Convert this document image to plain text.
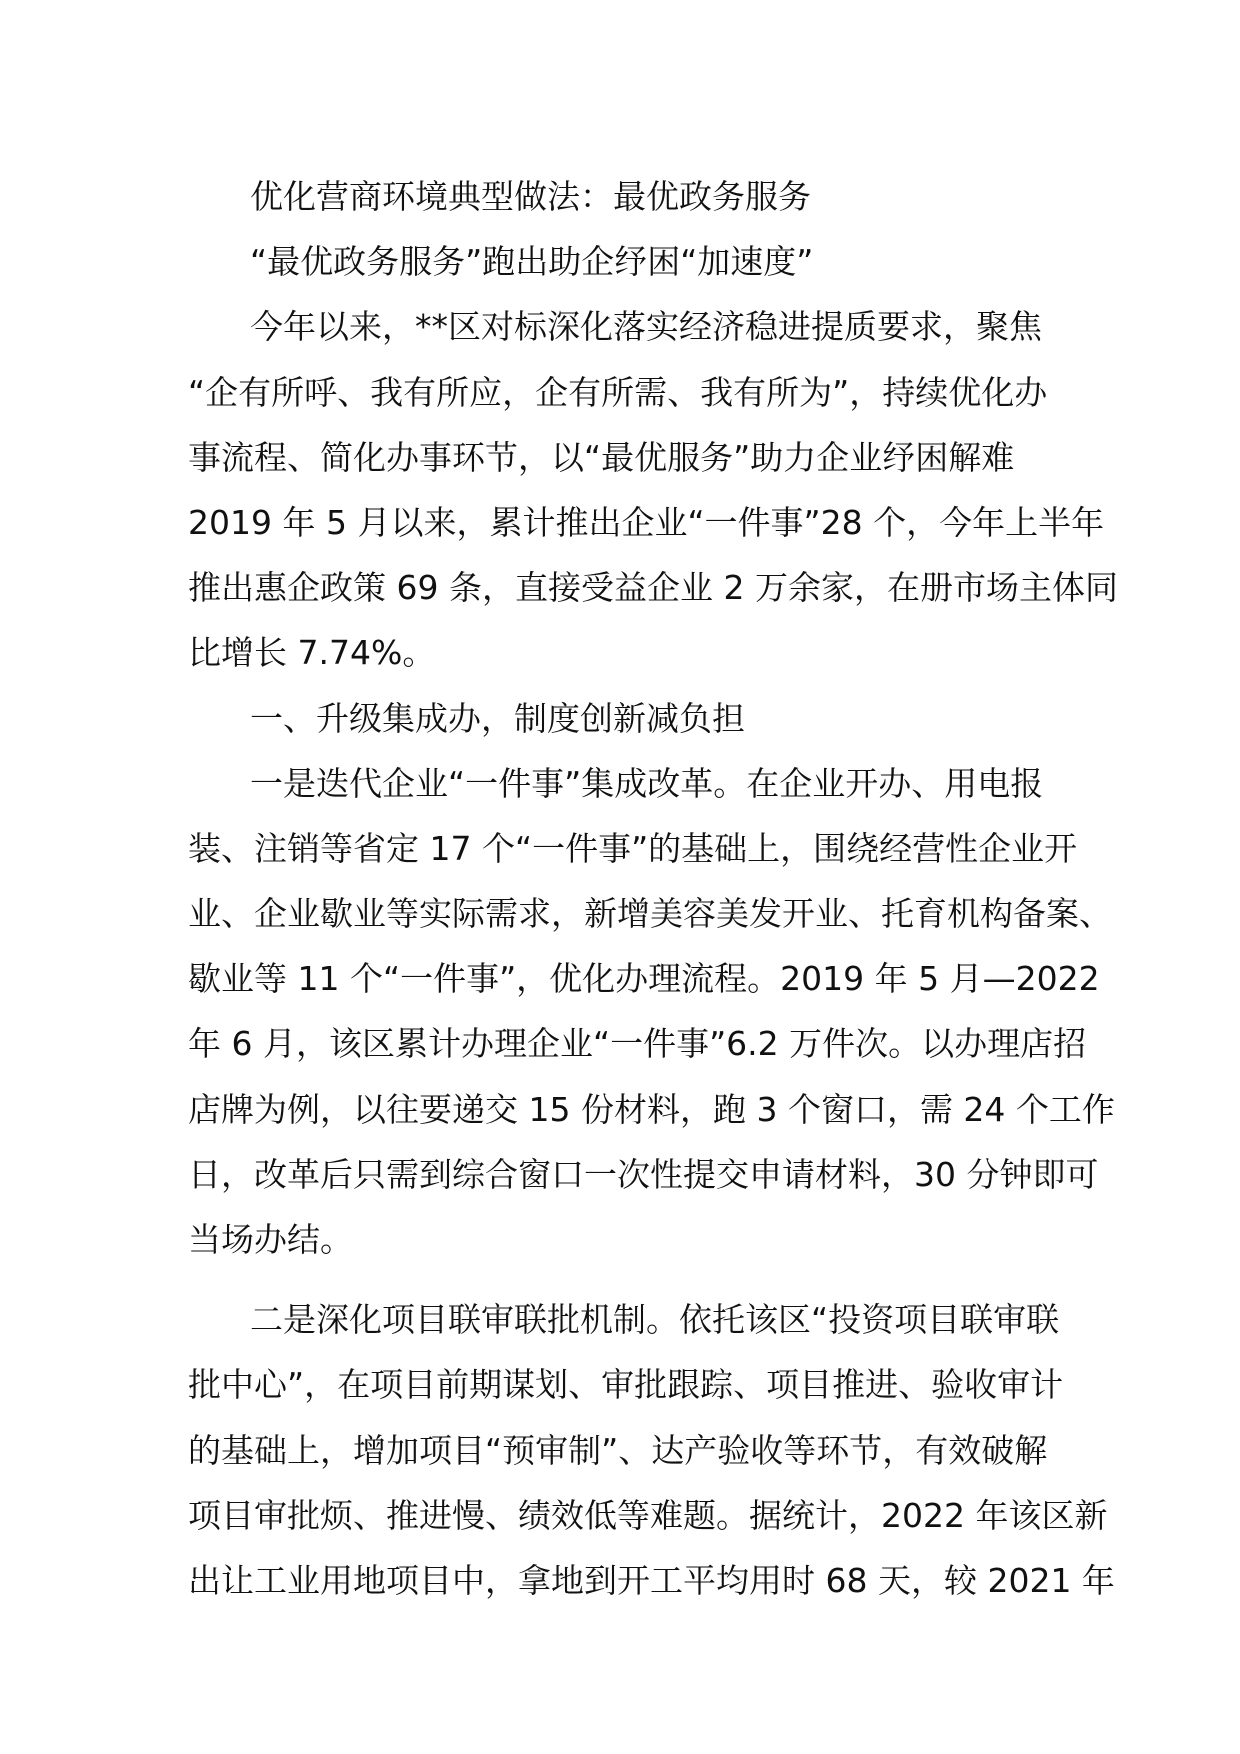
优化营商环境典型做法：最优政务服务
“最优政务服务”跑出助企纾困“加速度”
今年以来，**区对标深化落实经济稳进提质要求，聚焦
“企有所呼、我有所应，企有所需、我有所为”，持续优化办
事流程、简化办事环节，以“最优服务”助力企业纾困解难
2019 年 5 月以来，累计推出企业“一件事”28 个，今年上半年
推出惠企政策 69 条，直接受益企业 2 万余家，在册市场主体同
比增长 7.74%。
一、升级集成办，制度创新减负担
一是迭代企业“一件事”集成改革。在企业开办、用电报
装、注销等省定 17 个“一件事”的基础上，围绕经营性企业开
业、企业歇业等实际需求，新增美容美发开业、托育机构备案、
歇业等 11 个“一件事”，优化办理流程。2019 年 5 月—2022
年 6 月，该区累计办理企业“一件事”6.2 万件次。以办理店招
店牌为例，以往要递交 15 份材料，跑 3 个窗口，需 24 个工作
日，改革后只需到综合窗口一次性提交申请材料，30 分钟即可
当场办结。
二是深化项目联审联批机制。依托该区“投资项目联审联
批中心”，在项目前期谋划、审批跟踪、项目推进、验收审计
的基础上，增加项目“预审制”、达产验收等环节，有效破解
项目审批烦、推进慢、绩效低等难题。据统计，2022 年该区新
出让工业用地项目中，拿地到开工平均用时 68 天，较 2021 年
